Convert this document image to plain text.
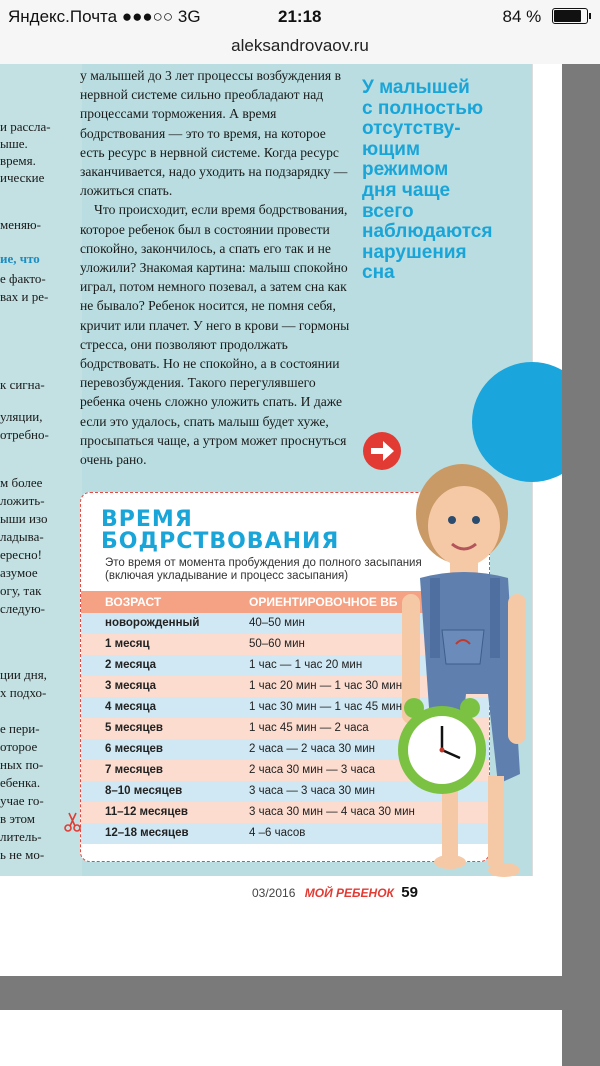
Яндекс.Почта ●●●○○ 3G	21:18	84 %
aleksandrovaov.ru
и рассла-
ыше.
время.
ические
меняю-
ие, что
е факто-
вах и ре-
к сигна-
уляции,
отребно-
м более
ложить-
ыши изо
ладыва-
ересно!
азумое
огу, так
следую-
ции дня,
х подхо-
е пери-
оторое
ных по-
ебенка.
учае го-
в этом
литель-
ь не мо-

у малышей до 3 лет процессы возбуждения в нервной системе сильно преобладают над процессами торможения. А время бодрствования — это то время, на которое есть ресурс в нервной системе. Когда ресурс заканчивается, надо уходить на подзарядку — ложиться спать.

Что происходит, если время бодрствования, которое ребенок был в состоянии провести спокойно, закончилось, а спать его так и не уложили? Знакомая картина: малыш спокойно играл, потом немного позевал, а затем сна как не бывало? Ребенок носится, не помня себя, кричит или плачет. У него в крови — гормоны стресса, они позволяют продолжать бодрствовать. Но не спокойно, а в состоянии перевозбуждения. Такого перегулявшего ребенка очень сложно уложить спать. И даже если это удалось, спать малыш будет хуже, просыпаться чаще, а утром может проснуться очень рано.

У малышей
с полностью
отсутству-
ющим
режимом
дня чаще
всего
наблюдаются
нарушения
сна
ВРЕМЯ
БОДРСТВОВАНИЯ
Это время от момента пробуждения до полного засыпания (включая укладывание и процесс засыпания)
ВОЗРАСТ	ОРИЕНТИРОВОЧНОЕ ВБ
новорожденный	40–50 мин
1 месяц	50–60 мин
2 месяца	1 час — 1 час 20 мин
3 месяца	1 час 20 мин — 1 час 30 мин
4 месяца	1 час 30 мин — 1 час 45 мин
5 месяцев	1 час 45 мин — 2 часа
6 месяцев	2 часа — 2 часа 30 мин
7 месяцев	2 часа 30 мин — 3 часа
8–10 месяцев	3 часа — 3 часа 30 мин
11–12 месяцев	3 часа 30 мин — 4 часа 30 мин
12–18 месяцев	4 –6 часов
03/2016 МОЙ РЕБЕНОК 59
